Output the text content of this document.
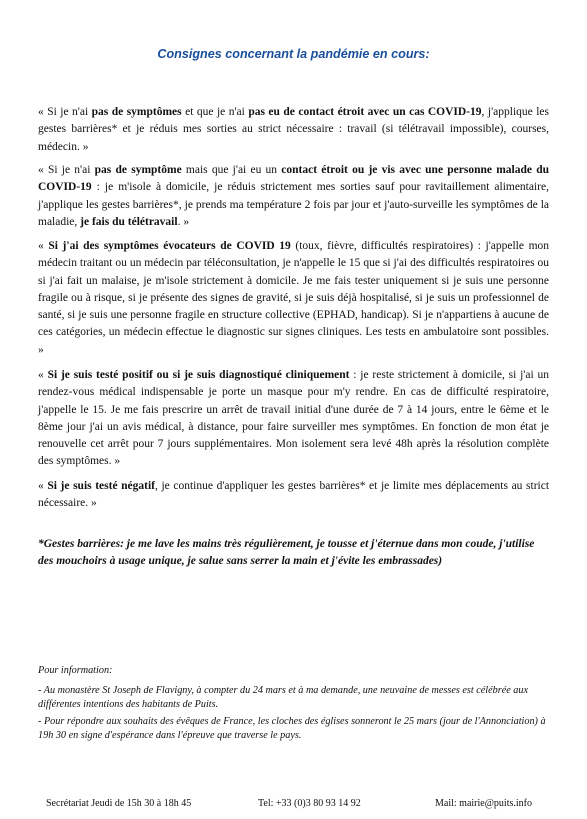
Consignes concernant la pandémie en cours:

« Si je n'ai pas de symptômes et que je n'ai pas eu de contact étroit avec un cas COVID-19, j'applique les gestes barrières* et je réduis mes sorties au strict nécessaire : travail (si télétravail impossible), courses, médecin. »

« Si je n'ai pas de symptôme mais que j'ai eu un contact étroit ou je vis avec une personne malade du COVID-19 : je m'isole à domicile, je réduis strictement mes sorties sauf pour ravitaillement alimentaire, j'applique les gestes barrières*, je prends ma température 2 fois par jour et j'auto-surveille les symptômes de la maladie, je fais du télétravail. »

« Si j'ai des symptômes évocateurs de COVID 19 (toux, fièvre, difficultés respiratoires) : j'appelle mon médecin traitant ou un médecin par téléconsultation, je n'appelle le 15 que si j'ai des difficultés respiratoires ou si j'ai fait un malaise, je m'isole strictement à domicile. Je me fais tester uniquement si je suis une personne fragile ou à risque, si je présente des signes de gravité, si je suis déjà hospitalisé, si je suis un professionnel de santé, si je suis une personne fragile en structure collective (EPHAD, handicap). Si je n'appartiens à aucune de ces catégories, un médecin effectue le diagnostic sur signes cliniques. Les tests en ambulatoire sont possibles. »

« Si je suis testé positif ou si je suis diagnostiqué cliniquement : je reste strictement à domicile, si j'ai un rendez-vous médical indispensable je porte un masque pour m'y rendre. En cas de difficulté respiratoire, j'appelle le 15. Je me fais prescrire un arrêt de travail initial d'une durée de 7 à 14 jours, entre le 6ème et le 8ème jour j'ai un avis médical, à distance, pour faire surveiller mes symptômes. En fonction de mon état je renouvelle cet arrêt pour 7 jours supplémentaires. Mon isolement sera levé 48h après la résolution complète des symptômes. »

« Si je suis testé négatif, je continue d'appliquer les gestes barrières* et je limite mes déplacements au strict nécessaire. »

*Gestes barrières: je me lave les mains très régulièrement, je tousse et j'éternue dans mon coude, j'utilise des mouchoirs à usage unique, je salue sans serrer la main et j'évite les embrassades)

Pour information:

- Au monastère St Joseph de Flavigny, à compter du 24 mars et à ma demande, une neuvaine de messes est célébrée aux différentes intentions des habitants de Puits.

- Pour répondre aux souhaits des évêques de France, les cloches des églises sonneront le 25 mars (jour de l'Annonciation) à 19h 30 en signe d'espérance dans l'épreuve que traverse le pays.

Secrétariat Jeudi de 15h 30 à 18h 45	Tel: +33 (0)3 80 93 14 92	Mail: mairie@puits.info
